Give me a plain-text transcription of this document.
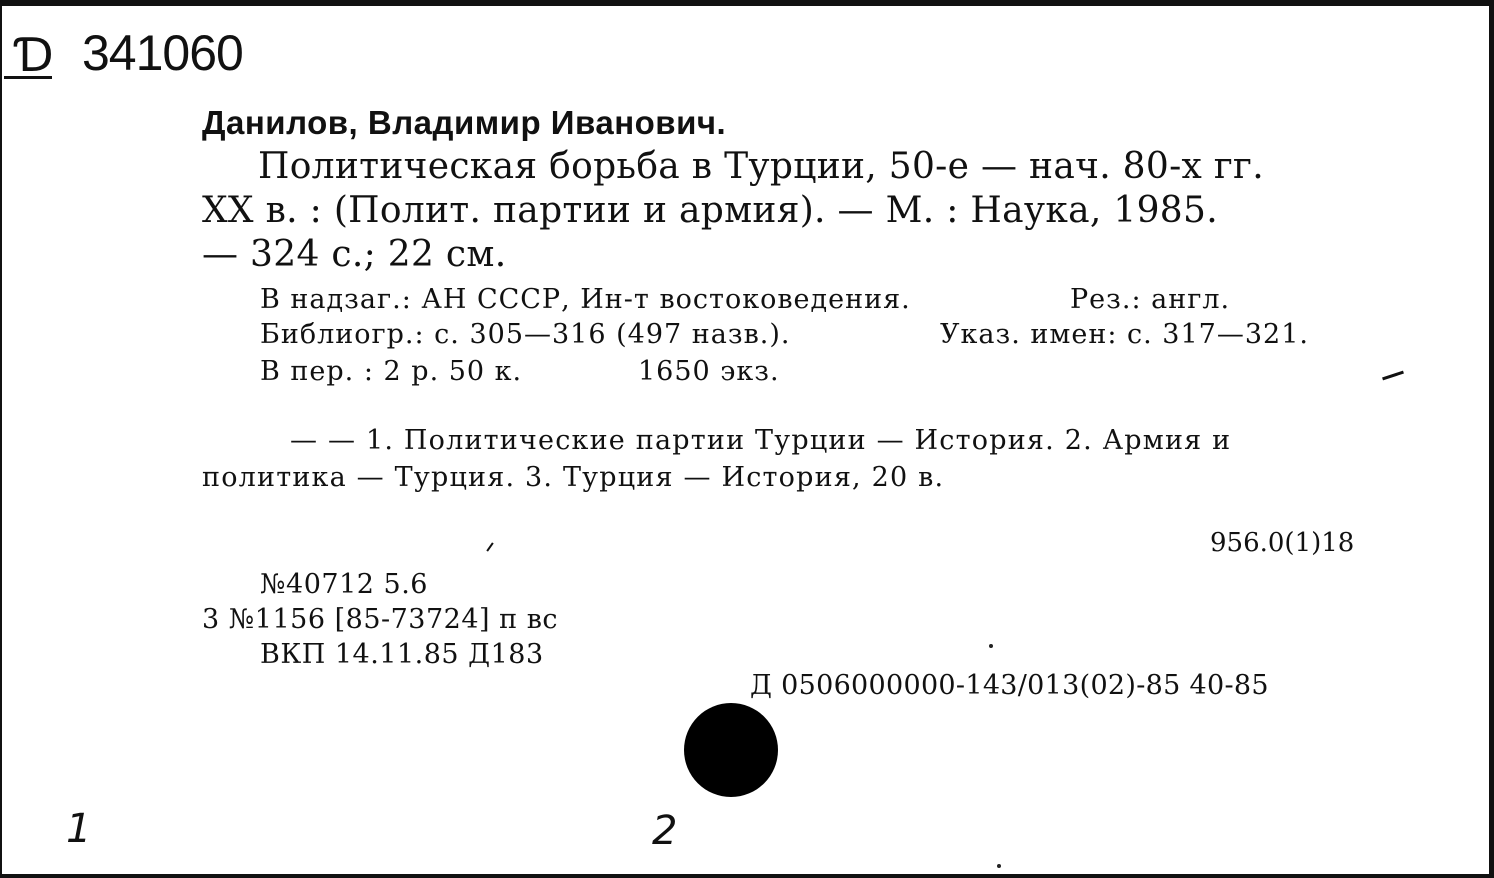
Ɗ 341060
Данилов, Владимир Иванович.
Политическая борьба в Турции, 50-е — нач. 80-х гг.
XX в. : (Полит. партии и армия). — М. : Наука, 1985.
— 324 с.; 22 см.
В надзаг.: АН СССР, Ин-т востоковедения.	Рез.: англ.
Библиогр.: с. 305—316 (497 назв.).	Указ. имен: с. 317—321.
В пер. : 2 р. 50 к.	1650 экз.
— — 1. Политические партии Турции — История. 2. Армия и
политика — Турция. 3. Турция — История, 20 в.
956.0(1)18
№40712 5.6
3 №1156 [85-73724] п вс
ВКП 14.11.85 Д183
Д 0506000000-143/013(02)-85 40-85
1	2
